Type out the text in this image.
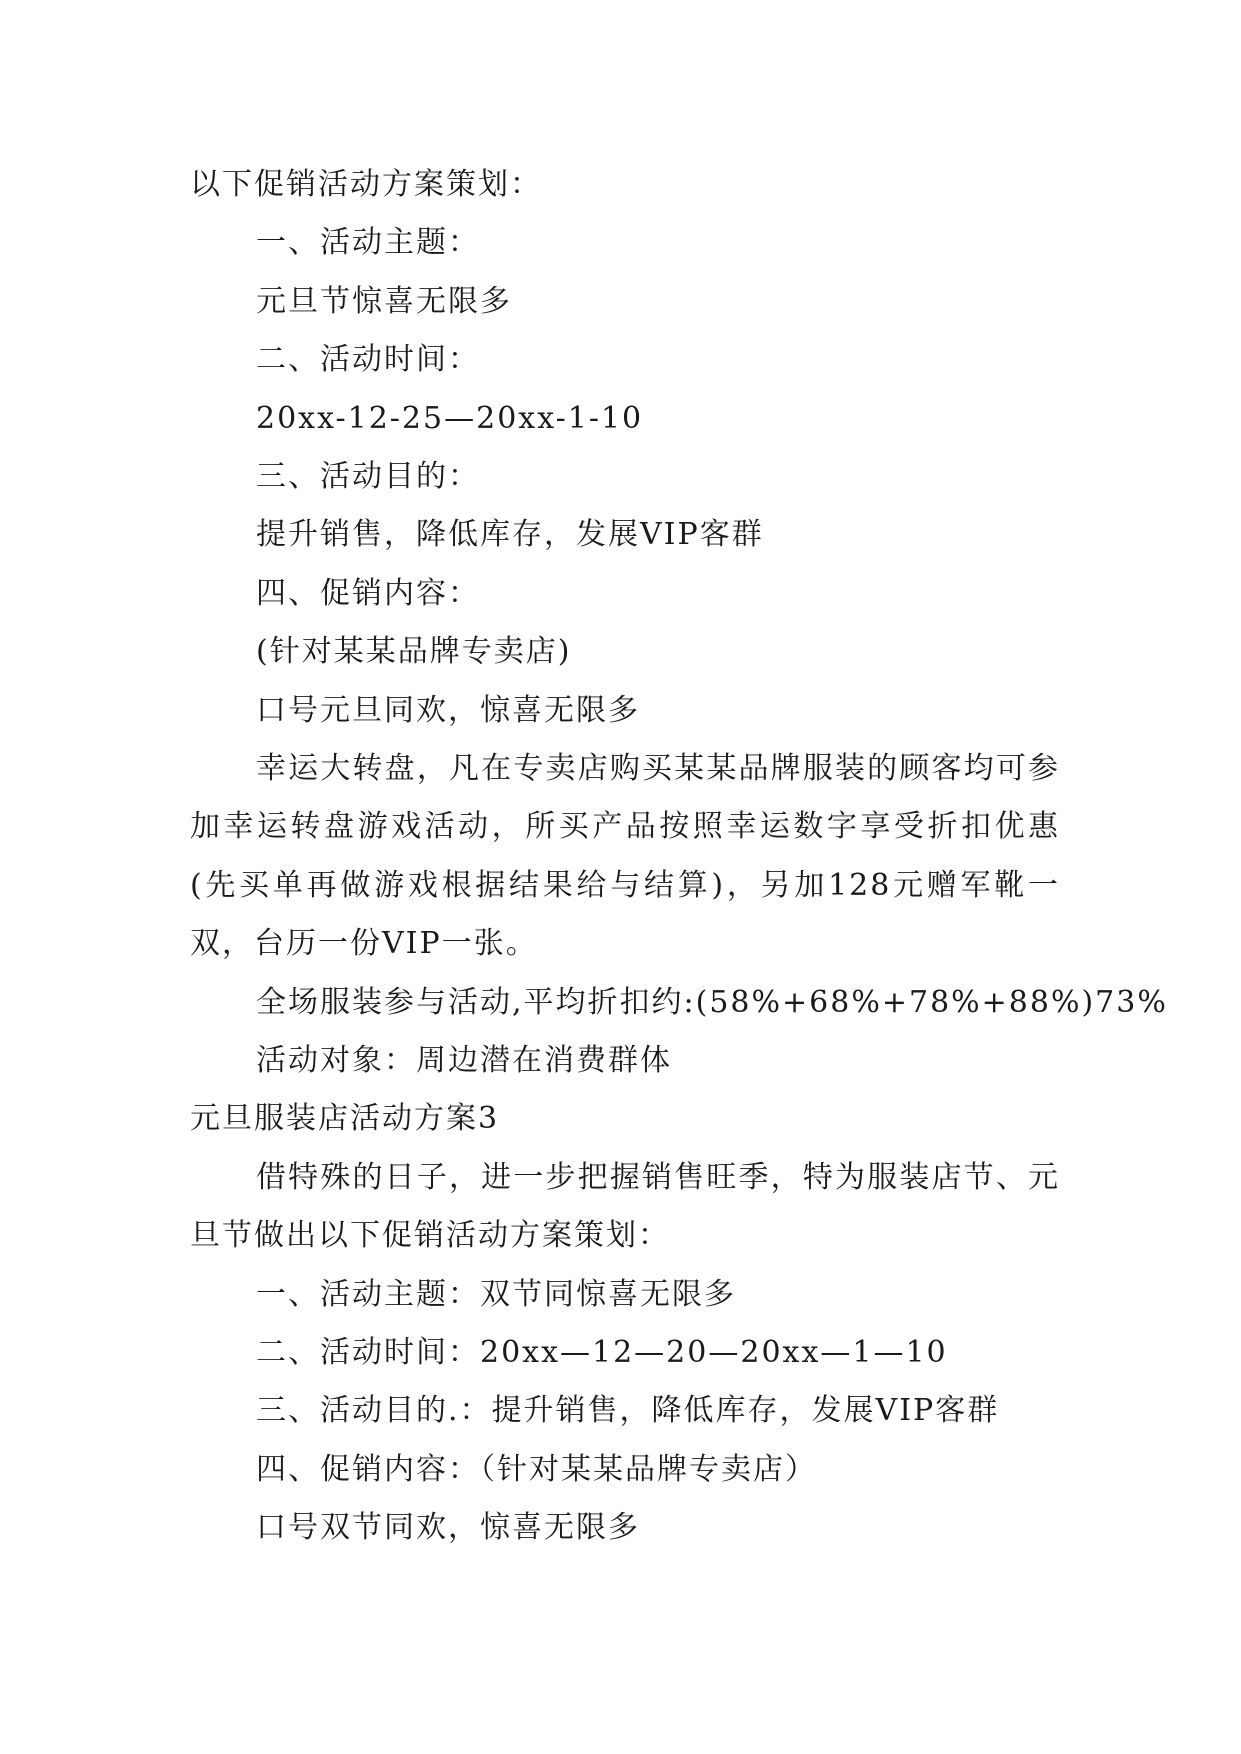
以下促销活动方案策划：
一、活动主题：
元旦节惊喜无限多
二、活动时间：
20xx-12-25—20xx-1-10
三、活动目的：
提升销售，降低库存，发展VIP客群
四、促销内容：
(针对某某品牌专卖店)
口号元旦同欢，惊喜无限多
幸运大转盘，凡在专卖店购买某某品牌服装的顾客均可参加幸运转盘游戏活动，所买产品按照幸运数字享受折扣优惠(先买单再做游戏根据结果给与结算)，另加128元赠军靴一双，台历一份VIP一张。
全场服装参与活动,平均折扣约:(58%+68%+78%+88%)73%
活动对象：周边潜在消费群体
元旦服装店活动方案3
借特殊的日子，进一步把握销售旺季，特为服装店节、元旦节做出以下促销活动方案策划：
一、活动主题：双节同惊喜无限多
二、活动时间：20xx—12—20—20xx—1—10
三、活动目的.：提升销售，降低库存，发展VIP客群
四、促销内容：（针对某某品牌专卖店）
口号双节同欢，惊喜无限多
